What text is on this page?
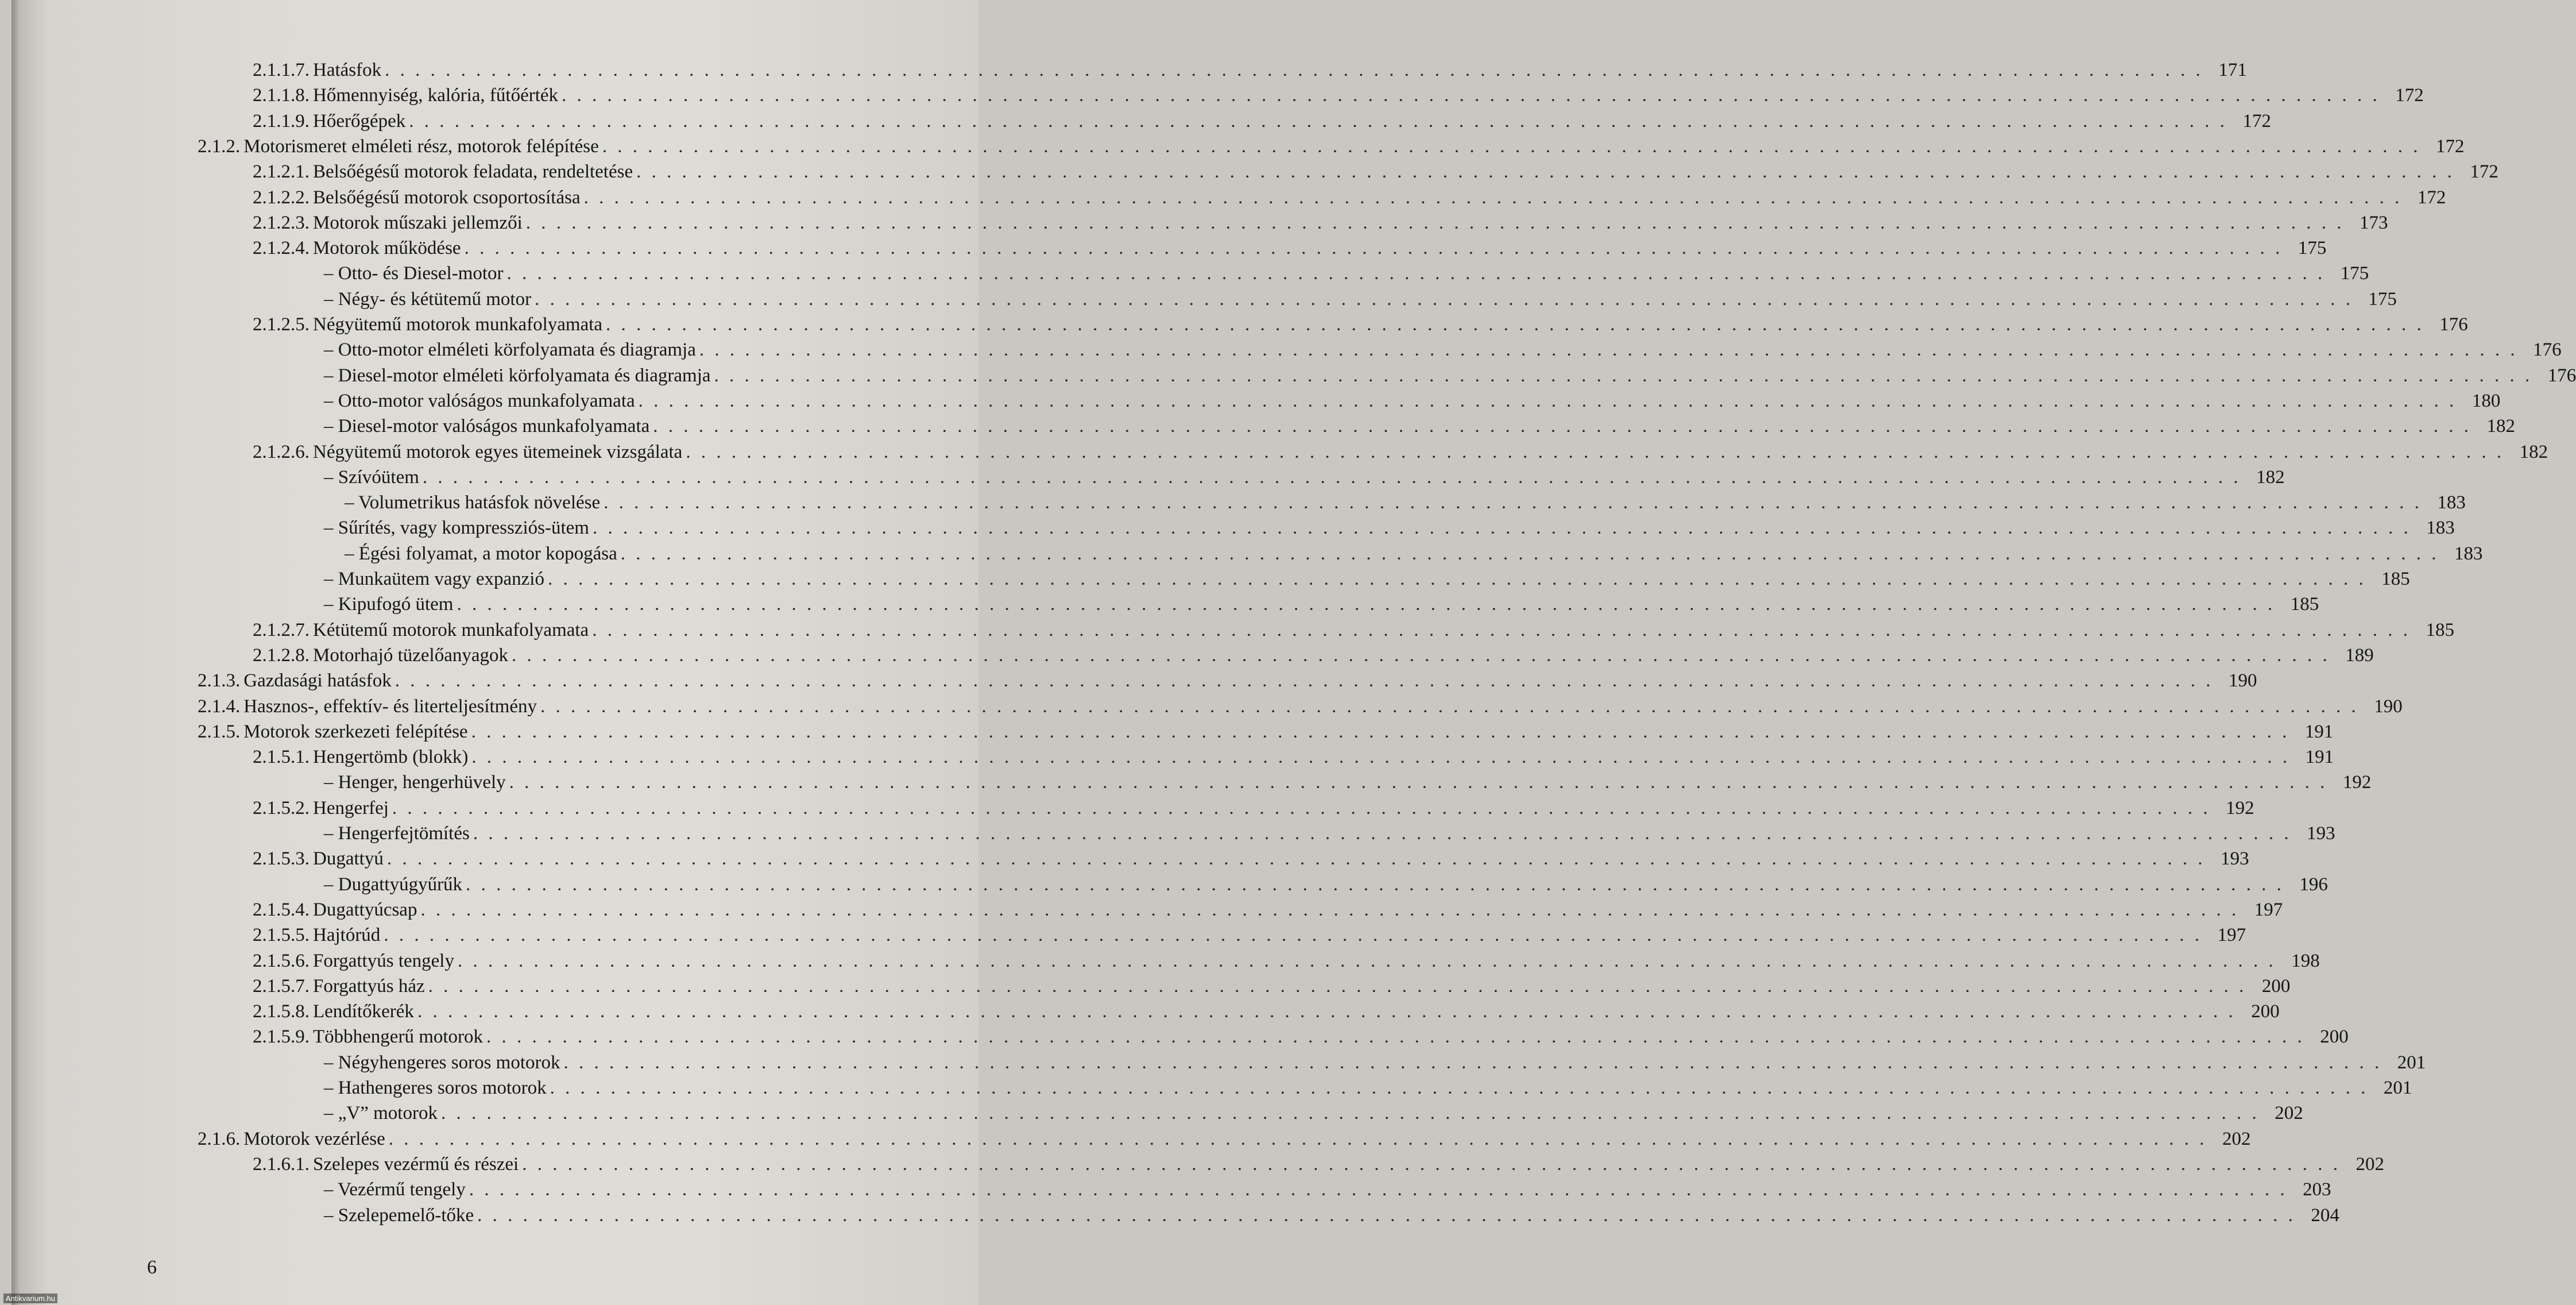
2.1.1.7. Hatásfok . . . . . . . . . . . . . . . . . . . . . . . . . . . . . . . . . . . . . . . . . . . . . . . . . . . . . . . . . . . . . . . . . . . . . . . . . . . . . . . . . . . . . . . . . . . . . . . . . . . . . . . . . . . . . . . . . . . . . . . . 171
2.1.1.8. Hőmennyiség, kalória, fűtőérték . . . . . . . . . . . . . . . . . . . . . . . . . . . . . . . . . . . . . . . . . . . . . . . . . . . . . . . . . . . . . . . . . . . . . . . . . . . . . . . . . . . . . . . . . . . . . . . . . . . . . . . . . . . . . . . . . . . . . . . . 172
2.1.1.9. Hőerőgépek . . . . . . . . . . . . . . . . . . . . . . . . . . . . . . . . . . . . . . . . . . . . . . . . . . . . . . . . . . . . . . . . . . . . . . . . . . . . . . . . . . . . . . . . . . . . . . . . . . . . . . . . . . . . . . . . . . . . . . . . 172
2.1.2. Motorismeret elméleti rész, motorok felépítése . . . . . . . . . . . . . . . . . . . . . . . . . . . . . . . . . . . . . . . . . . . . . . . . . . . . . . . . . . . . . . . . . . . . . . . . . . . . . . . . . . . . . . . . . . . . . . . . . . . . . . . . . . . . . . . . . . . . . . . . 172
2.1.2.1. Belsőégésű motorok feladata, rendeltetése . . . . . . . . . . . . . . . . . . . . . . . . . . . . . . . . . . . . . . . . . . . . . . . . . . . . . . . . . . . . . . . . . . . . . . . . . . . . . . . . . . . . . . . . . . . . . . . . . . . . . . . . . . . . . . . . . . . . . . . . 172
2.1.2.2. Belsőégésű motorok csoportosítása . . . . . . . . . . . . . . . . . . . . . . . . . . . . . . . . . . . . . . . . . . . . . . . . . . . . . . . . . . . . . . . . . . . . . . . . . . . . . . . . . . . . . . . . . . . . . . . . . . . . . . . . . . . . . . . . . . . . . . . . 172
2.1.2.3. Motorok műszaki jellemzői . . . . . . . . . . . . . . . . . . . . . . . . . . . . . . . . . . . . . . . . . . . . . . . . . . . . . . . . . . . . . . . . . . . . . . . . . . . . . . . . . . . . . . . . . . . . . . . . . . . . . . . . . . . . . . . . . . . . . . . . 173
2.1.2.4. Motorok működése . . . . . . . . . . . . . . . . . . . . . . . . . . . . . . . . . . . . . . . . . . . . . . . . . . . . . . . . . . . . . . . . . . . . . . . . . . . . . . . . . . . . . . . . . . . . . . . . . . . . . . . . . . . . . . . . . . . . . . . . 175
– Otto- és Diesel-motor . . . . . . . . . . . . . . . . . . . . . . . . . . . . . . . . . . . . . . . . . . . . . . . . . . . . . . . . . . . . . . . . . . . . . . . . . . . . . . . . . . . . . . . . . . . . . . . . . . . . . . . . . . . . . . . . . . . . . . . . 175
– Négy- és kétütemű motor . . . . . . . . . . . . . . . . . . . . . . . . . . . . . . . . . . . . . . . . . . . . . . . . . . . . . . . . . . . . . . . . . . . . . . . . . . . . . . . . . . . . . . . . . . . . . . . . . . . . . . . . . . . . . . . . . . . . . . . . 175
2.1.2.5. Négyütemű motorok munkafolyamata . . . . . . . . . . . . . . . . . . . . . . . . . . . . . . . . . . . . . . . . . . . . . . . . . . . . . . . . . . . . . . . . . . . . . . . . . . . . . . . . . . . . . . . . . . . . . . . . . . . . . . . . . . . . . . . . . . . . . . . . 176
– Otto-motor elméleti körfolyamata és diagramja . . . . . . . . . . . . . . . . . . . . . . . . . . . . . . . . . . . . . . . . . . . . . . . . . . . . . . . . . . . . . . . . . . . . . . . . . . . . . . . . . . . . . . . . . . . . . . . . . . . . . . . . . . . . . . . . . . . . . . . . 176
– Diesel-motor elméleti körfolyamata és diagramja . . . . . . . . . . . . . . . . . . . . . . . . . . . . . . . . . . . . . . . . . . . . . . . . . . . . . . . . . . . . . . . . . . . . . . . . . . . . . . . . . . . . . . . . . . . . . . . . . . . . . . . . . . . . . . . . . . . . . . . . 176
– Otto-motor valóságos munkafolyamata . . . . . . . . . . . . . . . . . . . . . . . . . . . . . . . . . . . . . . . . . . . . . . . . . . . . . . . . . . . . . . . . . . . . . . . . . . . . . . . . . . . . . . . . . . . . . . . . . . . . . . . . . . . . . . . . . . . . . . . . 180
– Diesel-motor valóságos munkafolyamata . . . . . . . . . . . . . . . . . . . . . . . . . . . . . . . . . . . . . . . . . . . . . . . . . . . . . . . . . . . . . . . . . . . . . . . . . . . . . . . . . . . . . . . . . . . . . . . . . . . . . . . . . . . . . . . . . . . . . . . . 182
2.1.2.6. Négyütemű motorok egyes ütemeinek vizsgálata . . . . . . . . . . . . . . . . . . . . . . . . . . . . . . . . . . . . . . . . . . . . . . . . . . . . . . . . . . . . . . . . . . . . . . . . . . . . . . . . . . . . . . . . . . . . . . . . . . . . . . . . . . . . . . . . . . . . . . . . 182
– Szívóütem . . . . . . . . . . . . . . . . . . . . . . . . . . . . . . . . . . . . . . . . . . . . . . . . . . . . . . . . . . . . . . . . . . . . . . . . . . . . . . . . . . . . . . . . . . . . . . . . . . . . . . . . . . . . . . . . . . . . . . . . 182
– Volumetrikus hatásfok növelése . . . . . . . . . . . . . . . . . . . . . . . . . . . . . . . . . . . . . . . . . . . . . . . . . . . . . . . . . . . . . . . . . . . . . . . . . . . . . . . . . . . . . . . . . . . . . . . . . . . . . . . . . . . . . . . . . . . . . . . . 183
– Sűrítés, vagy kompressziós-ütem . . . . . . . . . . . . . . . . . . . . . . . . . . . . . . . . . . . . . . . . . . . . . . . . . . . . . . . . . . . . . . . . . . . . . . . . . . . . . . . . . . . . . . . . . . . . . . . . . . . . . . . . . . . . . . . . . . . . . . . . 183
– Égési folyamat, a motor kopogása . . . . . . . . . . . . . . . . . . . . . . . . . . . . . . . . . . . . . . . . . . . . . . . . . . . . . . . . . . . . . . . . . . . . . . . . . . . . . . . . . . . . . . . . . . . . . . . . . . . . . . . . . . . . . . . . . . . . . . . . 183
– Munkaütem vagy expanzió . . . . . . . . . . . . . . . . . . . . . . . . . . . . . . . . . . . . . . . . . . . . . . . . . . . . . . . . . . . . . . . . . . . . . . . . . . . . . . . . . . . . . . . . . . . . . . . . . . . . . . . . . . . . . . . . . . . . . . . . 185
– Kipufogó ütem . . . . . . . . . . . . . . . . . . . . . . . . . . . . . . . . . . . . . . . . . . . . . . . . . . . . . . . . . . . . . . . . . . . . . . . . . . . . . . . . . . . . . . . . . . . . . . . . . . . . . . . . . . . . . . . . . . . . . . . . 185
2.1.2.7. Kétütemű motorok munkafolyamata . . . . . . . . . . . . . . . . . . . . . . . . . . . . . . . . . . . . . . . . . . . . . . . . . . . . . . . . . . . . . . . . . . . . . . . . . . . . . . . . . . . . . . . . . . . . . . . . . . . . . . . . . . . . . . . . . . . . . . . . 185
2.1.2.8. Motorhajó tüzelőanyagok . . . . . . . . . . . . . . . . . . . . . . . . . . . . . . . . . . . . . . . . . . . . . . . . . . . . . . . . . . . . . . . . . . . . . . . . . . . . . . . . . . . . . . . . . . . . . . . . . . . . . . . . . . . . . . . . . . . . . . . . 189
2.1.3. Gazdasági hatásfok . . . . . . . . . . . . . . . . . . . . . . . . . . . . . . . . . . . . . . . . . . . . . . . . . . . . . . . . . . . . . . . . . . . . . . . . . . . . . . . . . . . . . . . . . . . . . . . . . . . . . . . . . . . . . . . . . . . . . . . . 190
2.1.4. Hasznos-, effektív- és literteljesítmény . . . . . . . . . . . . . . . . . . . . . . . . . . . . . . . . . . . . . . . . . . . . . . . . . . . . . . . . . . . . . . . . . . . . . . . . . . . . . . . . . . . . . . . . . . . . . . . . . . . . . . . . . . . . . . . . . . . . . . . . 190
2.1.5. Motorok szerkezeti felépítése . . . . . . . . . . . . . . . . . . . . . . . . . . . . . . . . . . . . . . . . . . . . . . . . . . . . . . . . . . . . . . . . . . . . . . . . . . . . . . . . . . . . . . . . . . . . . . . . . . . . . . . . . . . . . . . . . . . . . . . . 191
2.1.5.1. Hengertömb (blokk) . . . . . . . . . . . . . . . . . . . . . . . . . . . . . . . . . . . . . . . . . . . . . . . . . . . . . . . . . . . . . . . . . . . . . . . . . . . . . . . . . . . . . . . . . . . . . . . . . . . . . . . . . . . . . . . . . . . . . . . . 191
– Henger, hengerhüvely . . . . . . . . . . . . . . . . . . . . . . . . . . . . . . . . . . . . . . . . . . . . . . . . . . . . . . . . . . . . . . . . . . . . . . . . . . . . . . . . . . . . . . . . . . . . . . . . . . . . . . . . . . . . . . . . . . . . . . . . 192
2.1.5.2. Hengerfej . . . . . . . . . . . . . . . . . . . . . . . . . . . . . . . . . . . . . . . . . . . . . . . . . . . . . . . . . . . . . . . . . . . . . . . . . . . . . . . . . . . . . . . . . . . . . . . . . . . . . . . . . . . . . . . . . . . . . . . . 192
– Hengerfejtömítés . . . . . . . . . . . . . . . . . . . . . . . . . . . . . . . . . . . . . . . . . . . . . . . . . . . . . . . . . . . . . . . . . . . . . . . . . . . . . . . . . . . . . . . . . . . . . . . . . . . . . . . . . . . . . . . . . . . . . . . . 193
2.1.5.3. Dugattyú . . . . . . . . . . . . . . . . . . . . . . . . . . . . . . . . . . . . . . . . . . . . . . . . . . . . . . . . . . . . . . . . . . . . . . . . . . . . . . . . . . . . . . . . . . . . . . . . . . . . . . . . . . . . . . . . . . . . . . . . 193
– Dugattyúgyűrűk . . . . . . . . . . . . . . . . . . . . . . . . . . . . . . . . . . . . . . . . . . . . . . . . . . . . . . . . . . . . . . . . . . . . . . . . . . . . . . . . . . . . . . . . . . . . . . . . . . . . . . . . . . . . . . . . . . . . . . . . 196
2.1.5.4. Dugattyúcsap . . . . . . . . . . . . . . . . . . . . . . . . . . . . . . . . . . . . . . . . . . . . . . . . . . . . . . . . . . . . . . . . . . . . . . . . . . . . . . . . . . . . . . . . . . . . . . . . . . . . . . . . . . . . . . . . . . . . . . . . 197
2.1.5.5. Hajtórúd . . . . . . . . . . . . . . . . . . . . . . . . . . . . . . . . . . . . . . . . . . . . . . . . . . . . . . . . . . . . . . . . . . . . . . . . . . . . . . . . . . . . . . . . . . . . . . . . . . . . . . . . . . . . . . . . . . . . . . . . 197
2.1.5.6. Forgattyús tengely . . . . . . . . . . . . . . . . . . . . . . . . . . . . . . . . . . . . . . . . . . . . . . . . . . . . . . . . . . . . . . . . . . . . . . . . . . . . . . . . . . . . . . . . . . . . . . . . . . . . . . . . . . . . . . . . . . . . . . . . 198
2.1.5.7. Forgattyús ház . . . . . . . . . . . . . . . . . . . . . . . . . . . . . . . . . . . . . . . . . . . . . . . . . . . . . . . . . . . . . . . . . . . . . . . . . . . . . . . . . . . . . . . . . . . . . . . . . . . . . . . . . . . . . . . . . . . . . . . . 200
2.1.5.8. Lendítőkerék . . . . . . . . . . . . . . . . . . . . . . . . . . . . . . . . . . . . . . . . . . . . . . . . . . . . . . . . . . . . . . . . . . . . . . . . . . . . . . . . . . . . . . . . . . . . . . . . . . . . . . . . . . . . . . . . . . . . . . . . 200
2.1.5.9. Többhengerű motorok . . . . . . . . . . . . . . . . . . . . . . . . . . . . . . . . . . . . . . . . . . . . . . . . . . . . . . . . . . . . . . . . . . . . . . . . . . . . . . . . . . . . . . . . . . . . . . . . . . . . . . . . . . . . . . . . . . . . . . . . 200
– Négyhengeres soros motorok . . . . . . . . . . . . . . . . . . . . . . . . . . . . . . . . . . . . . . . . . . . . . . . . . . . . . . . . . . . . . . . . . . . . . . . . . . . . . . . . . . . . . . . . . . . . . . . . . . . . . . . . . . . . . . . . . . . . . . . . 201
– Hathengeres soros motorok . . . . . . . . . . . . . . . . . . . . . . . . . . . . . . . . . . . . . . . . . . . . . . . . . . . . . . . . . . . . . . . . . . . . . . . . . . . . . . . . . . . . . . . . . . . . . . . . . . . . . . . . . . . . . . . . . . . . . . . . 201
– „V” motorok . . . . . . . . . . . . . . . . . . . . . . . . . . . . . . . . . . . . . . . . . . . . . . . . . . . . . . . . . . . . . . . . . . . . . . . . . . . . . . . . . . . . . . . . . . . . . . . . . . . . . . . . . . . . . . . . . . . . . . . . 202
2.1.6. Motorok vezérlése . . . . . . . . . . . . . . . . . . . . . . . . . . . . . . . . . . . . . . . . . . . . . . . . . . . . . . . . . . . . . . . . . . . . . . . . . . . . . . . . . . . . . . . . . . . . . . . . . . . . . . . . . . . . . . . . . . . . . . . . 202
2.1.6.1. Szelepes vezérmű és részei . . . . . . . . . . . . . . . . . . . . . . . . . . . . . . . . . . . . . . . . . . . . . . . . . . . . . . . . . . . . . . . . . . . . . . . . . . . . . . . . . . . . . . . . . . . . . . . . . . . . . . . . . . . . . . . . . . . . . . . . 202
– Vezérmű tengely . . . . . . . . . . . . . . . . . . . . . . . . . . . . . . . . . . . . . . . . . . . . . . . . . . . . . . . . . . . . . . . . . . . . . . . . . . . . . . . . . . . . . . . . . . . . . . . . . . . . . . . . . . . . . . . . . . . . . . . . 203
– Szelepemelő-tőke . . . . . . . . . . . . . . . . . . . . . . . . . . . . . . . . . . . . . . . . . . . . . . . . . . . . . . . . . . . . . . . . . . . . . . . . . . . . . . . . . . . . . . . . . . . . . . . . . . . . . . . . . . . . . . . . . . . . . . . . 204
6
Antikvarium.hu
